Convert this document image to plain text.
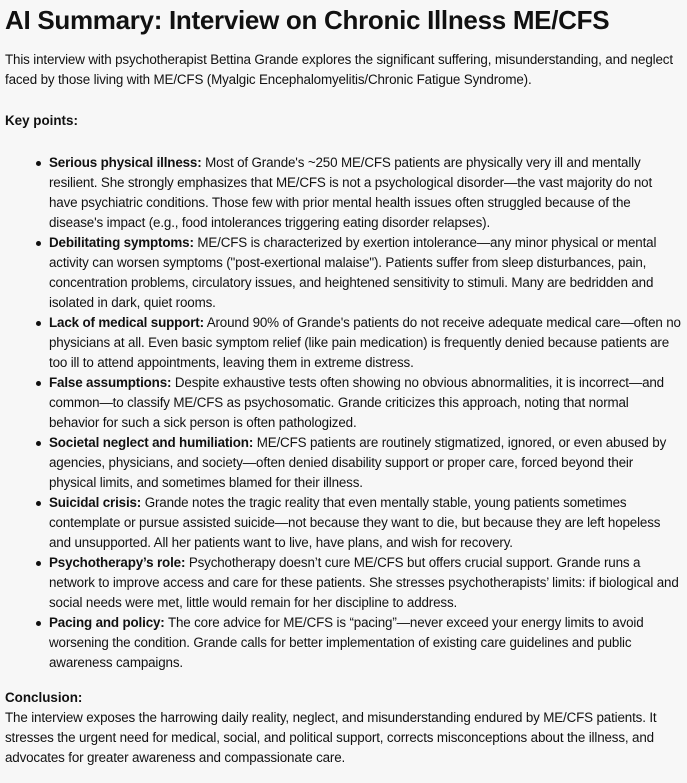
AI Summary: Interview on Chronic Illness ME/CFS

This interview with psychotherapist Bettina Grande explores the significant suffering, misunderstanding, and neglect faced by those living with ME/CFS (Myalgic Encephalomyelitis/Chronic Fatigue Syndrome).

Key points:

Serious physical illness: Most of Grande's ~250 ME/CFS patients are physically very ill and mentally resilient. She strongly emphasizes that ME/CFS is not a psychological disorder—the vast majority do not have psychiatric conditions. Those few with prior mental health issues often struggled because of the disease's impact (e.g., food intolerances triggering eating disorder relapses).
Debilitating symptoms: ME/CFS is characterized by exertion intolerance—any minor physical or mental activity can worsen symptoms ("post-exertional malaise"). Patients suffer from sleep disturbances, pain, concentration problems, circulatory issues, and heightened sensitivity to stimuli. Many are bedridden and isolated in dark, quiet rooms.
Lack of medical support: Around 90% of Grande's patients do not receive adequate medical care—often no physicians at all. Even basic symptom relief (like pain medication) is frequently denied because patients are too ill to attend appointments, leaving them in extreme distress.
False assumptions: Despite exhaustive tests often showing no obvious abnormalities, it is incorrect—and common—to classify ME/CFS as psychosomatic. Grande criticizes this approach, noting that normal behavior for such a sick person is often pathologized.
Societal neglect and humiliation: ME/CFS patients are routinely stigmatized, ignored, or even abused by agencies, physicians, and society—often denied disability support or proper care, forced beyond their physical limits, and sometimes blamed for their illness.
Suicidal crisis: Grande notes the tragic reality that even mentally stable, young patients sometimes contemplate or pursue assisted suicide—not because they want to die, but because they are left hopeless and unsupported. All her patients want to live, have plans, and wish for recovery.
Psychotherapy’s role: Psychotherapy doesn’t cure ME/CFS but offers crucial support. Grande runs a network to improve access and care for these patients. She stresses psychotherapists’ limits: if biological and social needs were met, little would remain for her discipline to address.
Pacing and policy: The core advice for ME/CFS is “pacing”—never exceed your energy limits to avoid worsening the condition. Grande calls for better implementation of existing care guidelines and public awareness campaigns.

Conclusion:

The interview exposes the harrowing daily reality, neglect, and misunderstanding endured by ME/CFS patients. It stresses the urgent need for medical, social, and political support, corrects misconceptions about the illness, and advocates for greater awareness and compassionate care.
